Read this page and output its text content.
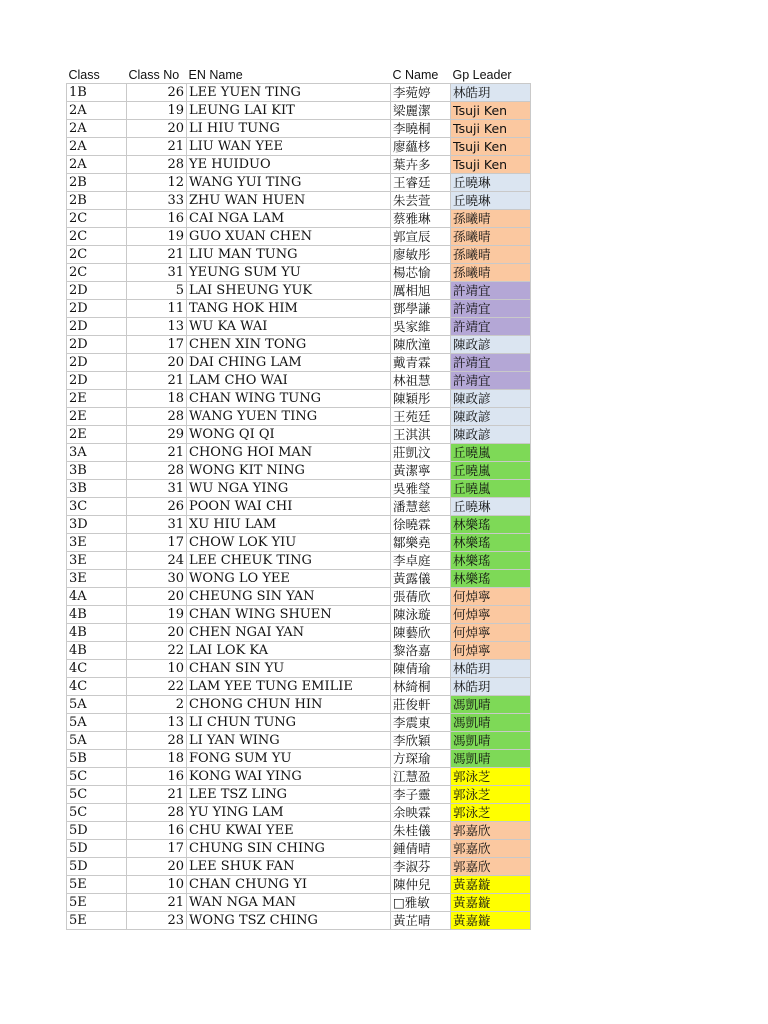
Class	Class No	EN Name	C Name	Gp Leader
1B	26	LEE YUEN TING	李菀婷	林皓玥
2A	19	LEUNG LAI KIT	梁麗潔	Tsuji Ken
2A	20	LI HIU TUNG	李曉桐	Tsuji Ken
2A	21	LIU WAN YEE	廖蘊栘	Tsuji Ken
2A	28	YE HUIDUO	葉卉多	Tsuji Ken
2B	12	WANG YUI TING	王睿廷	丘曉琳
2B	33	ZHU WAN HUEN	朱芸萱	丘曉琳
2C	16	CAI NGA LAM	蔡雅琳	孫曦晴
2C	19	GUO XUAN CHEN	郭宣辰	孫曦晴
2C	21	LIU MAN TUNG	廖敏彤	孫曦晴
2C	31	YEUNG SUM YU	楊芯愉	孫曦晴
2D	5	LAI SHEUNG YUK	厲相旭	許靖宜
2D	11	TANG HOK HIM	鄧學謙	許靖宜
2D	13	WU KA WAI	吳家維	許靖宜
2D	17	CHEN XIN TONG	陳欣潼	陳政諺
2D	20	DAI CHING LAM	戴青霖	許靖宜
2D	21	LAM CHO WAI	林祖慧	許靖宜
2E	18	CHAN WING TUNG	陳穎彤	陳政諺
2E	28	WANG YUEN TING	王苑廷	陳政諺
2E	29	WONG QI QI	王淇淇	陳政諺
3A	21	CHONG HOI MAN	莊凱汶	丘曉嵐
3B	28	WONG KIT NING	黃潔寧	丘曉嵐
3B	31	WU NGA YING	吳雅瑩	丘曉嵐
3C	26	POON WAI CHI	潘慧慈	丘曉琳
3D	31	XU HIU LAM	徐曉霖	林樂瑤
3E	17	CHOW LOK YIU	鄒樂堯	林樂瑤
3E	24	LEE CHEUK TING	李卓庭	林樂瑤
3E	30	WONG LO YEE	黃露儀	林樂瑤
4A	20	CHEUNG SIN YAN	張蒨欣	何焯寧
4B	19	CHAN WING SHUEN	陳泳璇	何焯寧
4B	20	CHEN NGAI YAN	陳藝欣	何焯寧
4B	22	LAI LOK KA	黎洛嘉	何焯寧
4C	10	CHAN SIN YU	陳倩瑜	林皓玥
4C	22	LAM YEE TUNG EMILIE	林綺桐	林皓玥
5A	2	CHONG CHUN HIN	莊俊軒	馮凱晴
5A	13	LI CHUN TUNG	李震東	馮凱晴
5A	28	LI YAN WING	李欣穎	馮凱晴
5B	18	FONG SUM YU	方琛瑜	馮凱晴
5C	16	KONG WAI YING	江慧盈	郭泳芝
5C	21	LEE TSZ LING	李子靈	郭泳芝
5C	28	YU YING LAM	余映霖	郭泳芝
5D	16	CHU KWAI YEE	朱桂儀	郭嘉欣
5D	17	CHUNG SIN CHING	鍾倩晴	郭嘉欣
5D	20	LEE SHUK FAN	李淑芬	郭嘉欣
5E	10	CHAN CHUNG YI	陳仲兒	黃嘉鏇
5E	21	WAN NGA MAN	□雅敏	黃嘉鏇
5E	23	WONG TSZ CHING	黃芷晴	黃嘉鏇
